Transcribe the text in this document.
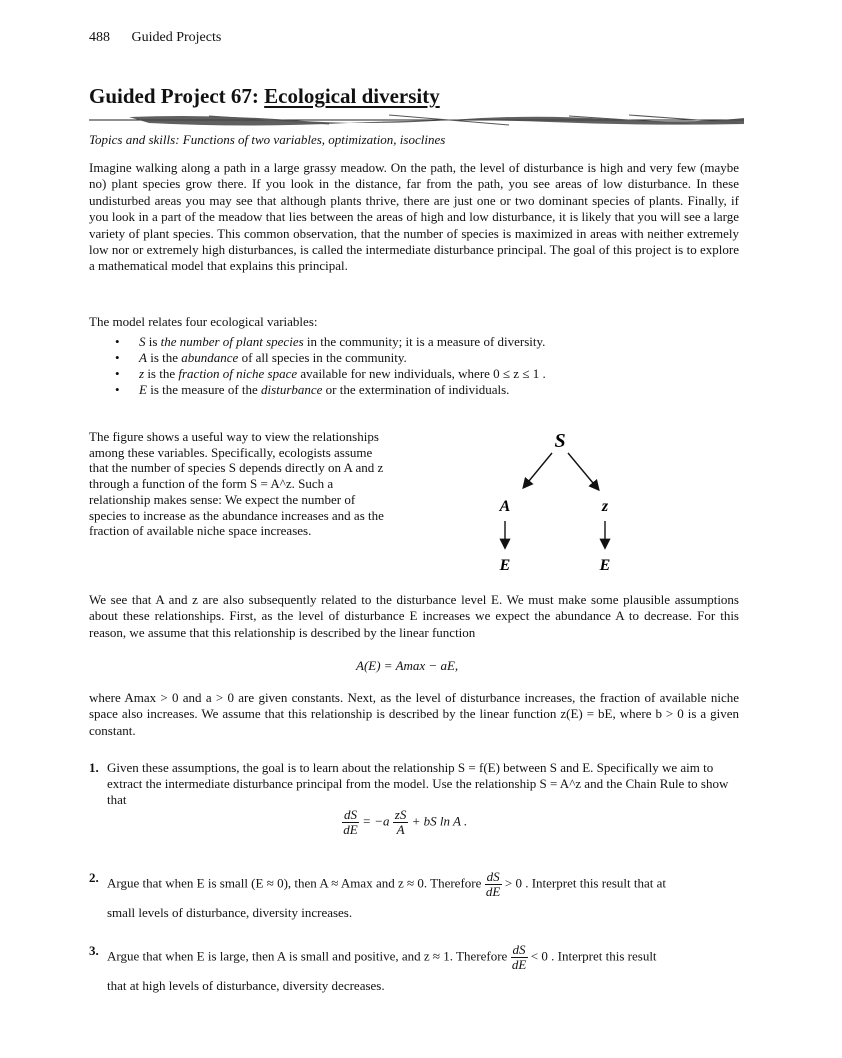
488 Guided Projects
Guided Project 67: Ecological diversity
Topics and skills: Functions of two variables, optimization, isoclines
Imagine walking along a path in a large grassy meadow. On the path, the level of disturbance is high and very few (maybe no) plant species grow there. If you look in the distance, far from the path, you see areas of low disturbance. In these undisturbed areas you may see that although plants thrive, there are just one or two dominant species of plants. Finally, if you look in a part of the meadow that lies between the areas of high and low disturbance, it is likely that you will see a large variety of plant species. This common observation, that the number of species is maximized in areas with neither extremely low nor or extremely high disturbances, is called the intermediate disturbance principal. The goal of this project is to explore a mathematical model that explains this principal.
The model relates four ecological variables:
• S is the number of plant species in the community; it is a measure of diversity.
• A is the abundance of all species in the community.
• z is the fraction of niche space available for new individuals, where 0 ≤ z ≤ 1 .
• E is the measure of the disturbance or the extermination of individuals.
The figure shows a useful way to view the relationships among these variables. Specifically, ecologists assume that the number of species S depends directly on A and z through a function of the form S = A^z. Such a relationship makes sense: We expect the number of species to increase as the abundance increases and as the fraction of available niche space increases.
S
A	z
E	E
We see that A and z are also subsequently related to the disturbance level E. We must make some plausible assumptions about these relationships. First, as the level of disturbance E increases we expect the abundance A to decrease. For this reason, we assume that this relationship is described by the linear function
A(E) = Amax − aE,
where Amax > 0 and a > 0 are given constants. Next, as the level of disturbance increases, the fraction of available niche space also increases. We assume that this relationship is described by the linear function z(E) = bE, where b > 0 is a given constant.
1. Given these assumptions, the goal is to learn about the relationship S = f(E) between S and E. Specifically we aim to extract the intermediate disturbance principal from the model. Use the relationship S = A^z and the Chain Rule to show that
$\frac{dS}{dE} = -a \frac{zS}{A}$ + bS ln A .
2. Argue that when E is small (E ≈ 0), then A ≈ Amax and z ≈ 0. Therefore $\frac{dS}{dE} > 0$ . Interpret this result that at
small levels of disturbance, diversity increases.
3. Argue that when E is large, then A is small and positive, and z ≈ 1. Therefore $\frac{dS}{dE} < 0$ . Interpret this result
that at high levels of disturbance, diversity decreases.
